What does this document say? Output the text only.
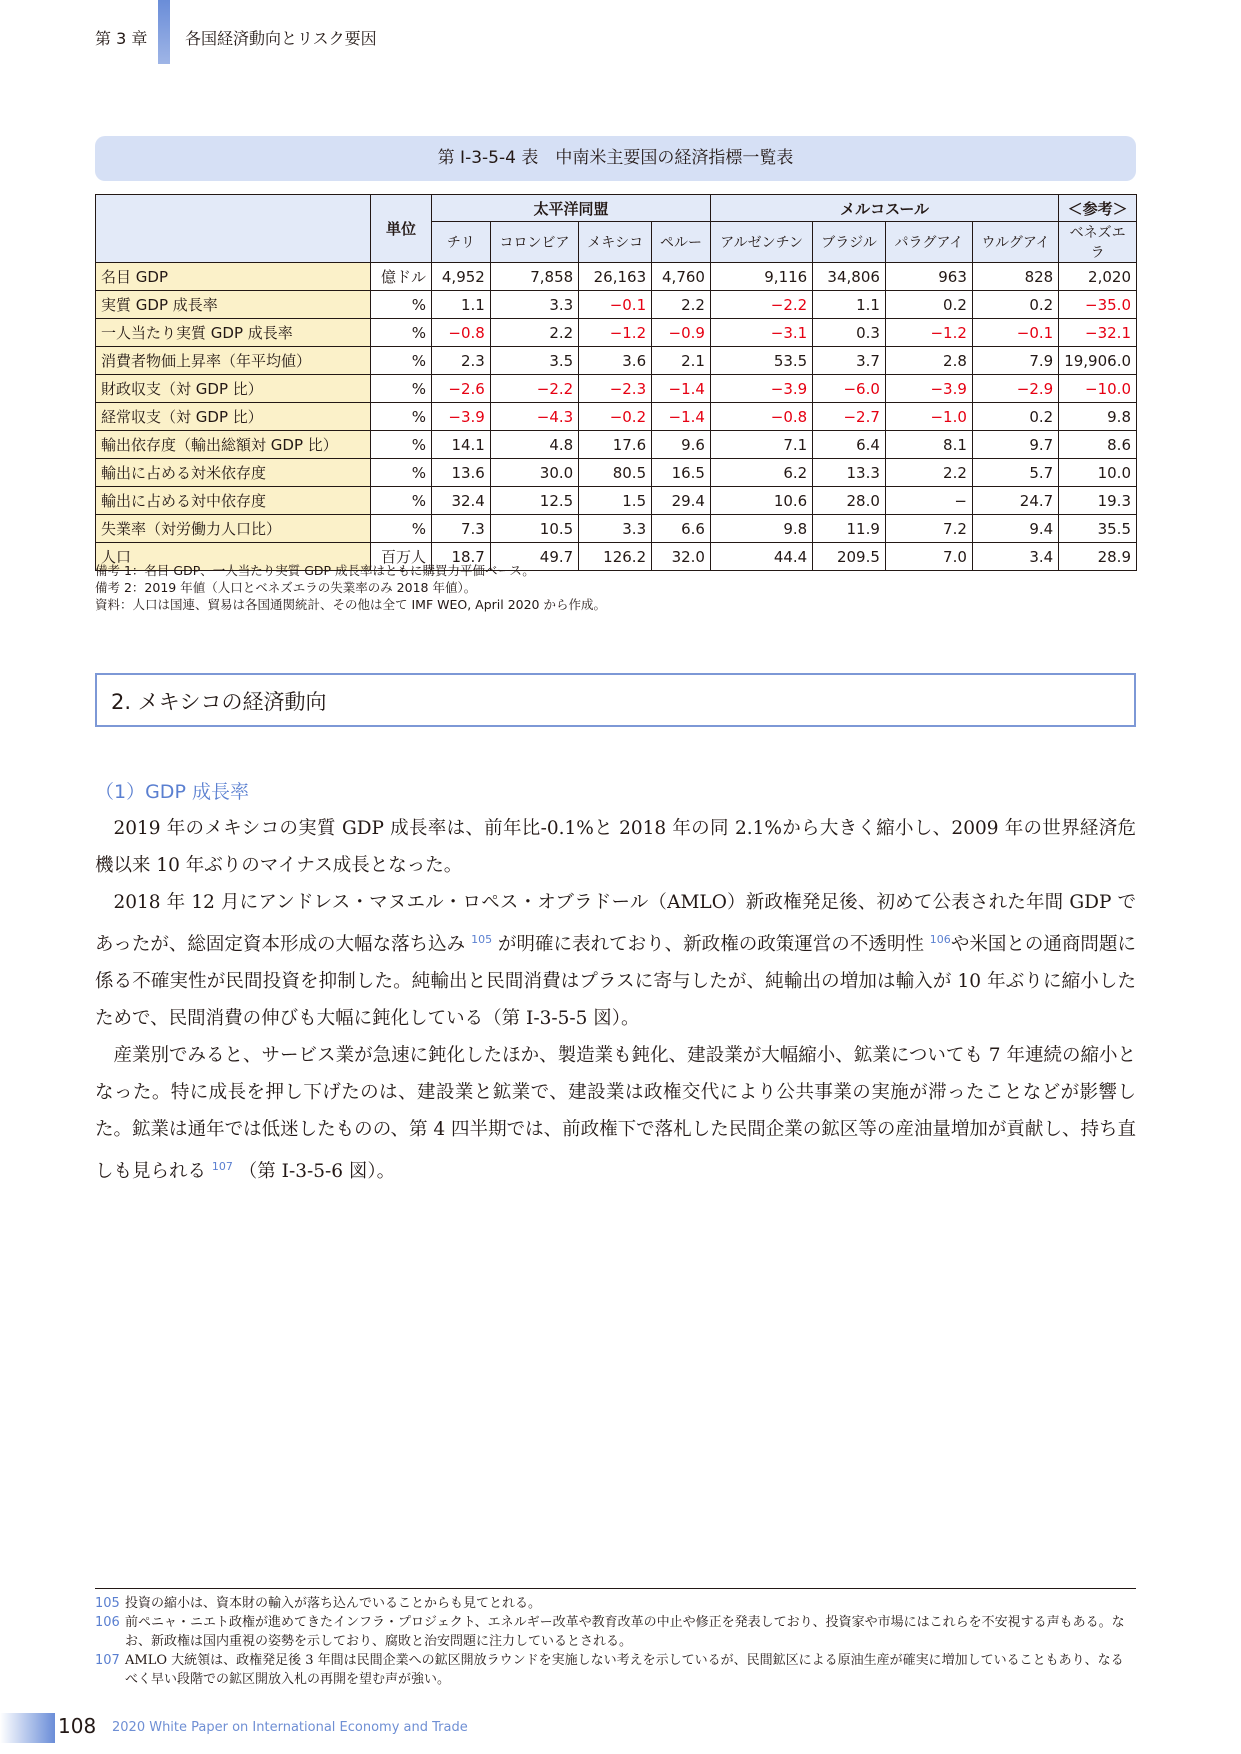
第 3 章 各国経済動向とリスク要因
第 I-3-5-4 表　中南米主要国の経済指標一覧表
	単位	太平洋同盟				メルコスール				＜参考＞
		チリ	コロンビア	メキシコ	ペルー	アルゼンチン	ブラジル	パラグアイ	ウルグアイ	ベネズエラ
名目 GDP	億ドル	4,952	7,858	26,163	4,760	9,116	34,806	963	828	2,020
実質 GDP 成長率	%	1.1	3.3	−0.1	2.2	−2.2	1.1	0.2	0.2	−35.0
一人当たり実質 GDP 成長率	%	−0.8	2.2	−1.2	−0.9	−3.1	0.3	−1.2	−0.1	−32.1
消費者物価上昇率（年平均値）	%	2.3	3.5	3.6	2.1	53.5	3.7	2.8	7.9	19,906.0
財政収支（対 GDP 比）	%	−2.6	−2.2	−2.3	−1.4	−3.9	−6.0	−3.9	−2.9	−10.0
経常収支（対 GDP 比）	%	−3.9	−4.3	−0.2	−1.4	−0.8	−2.7	−1.0	0.2	9.8
輸出依存度（輸出総額対 GDP 比）	%	14.1	4.8	17.6	9.6	7.1	6.4	8.1	9.7	8.6
輸出に占める対米依存度	%	13.6	30.0	80.5	16.5	6.2	13.3	2.2	5.7	10.0
輸出に占める対中依存度	%	32.4	12.5	1.5	29.4	10.6	28.0	−	24.7	19.3
失業率（対労働力人口比）	%	7.3	10.5	3.3	6.6	9.8	11.9	7.2	9.4	35.5
人口	百万人	18.7	49.7	126.2	32.0	44.4	209.5	7.0	3.4	28.9
備考 1：名目 GDP、一人当たり実質 GDP 成長率はともに購買力平価ベース。
備考 2：2019 年値（人口とベネズエラの失業率のみ 2018 年値）。
資料：人口は国連、貿易は各国通関統計、その他は全て IMF WEO, April 2020 から作成。
2. メキシコの経済動向
（1）GDP 成長率

2019 年のメキシコの実質 GDP 成長率は、前年比-0.1%と 2018 年の同 2.1%から大きく縮小し、2009 年の世界経済危機以来 10 年ぶりのマイナス成長となった。

2018 年 12 月にアンドレス・マヌエル・ロペス・オブラドール（AMLO）新政権発足後、初めて公表された年間 GDP であったが、総固定資本形成の大幅な落ち込み $^{105}$ が明確に表れており、新政権の政策運営の不透明性 $^{106}$や米国との通商問題に係る不確実性が民間投資を抑制した。純輸出と民間消費はプラスに寄与したが、純輸出の増加は輸入が 10 年ぶりに縮小したためで、民間消費の伸びも大幅に鈍化している（第 I-3-5-5 図）。

産業別でみると、サービス業が急速に鈍化したほか、製造業も鈍化、建設業が大幅縮小、鉱業についても 7 年連続の縮小となった。特に成長を押し下げたのは、建設業と鉱業で、建設業は政権交代により公共事業の実施が滞ったことなどが影響した。鉱業は通年では低迷したものの、第 4 四半期では、前政権下で落札した民間企業の鉱区等の産油量増加が貢献し、持ち直しも見られる $^{107}$ （第 I-3-5-6 図）。

105 投資の縮小は、資本財の輸入が落ち込んでいることからも見てとれる。
106 前ペニャ・ニエト政権が進めてきたインフラ・プロジェクト、エネルギー改革や教育改革の中止や修正を発表しており、投資家や市場にはこれらを不安視する声もある。なお、新政権は国内重視の姿勢を示しており、腐敗と治安問題に注力しているとされる。
107 AMLO 大統領は、政権発足後 3 年間は民間企業への鉱区開放ラウンドを実施しない考えを示しているが、民間鉱区による原油生産が確実に増加していることもあり、なるべく早い段階での鉱区開放入札の再開を望む声が強い。
108 2020 White Paper on International Economy and Trade
